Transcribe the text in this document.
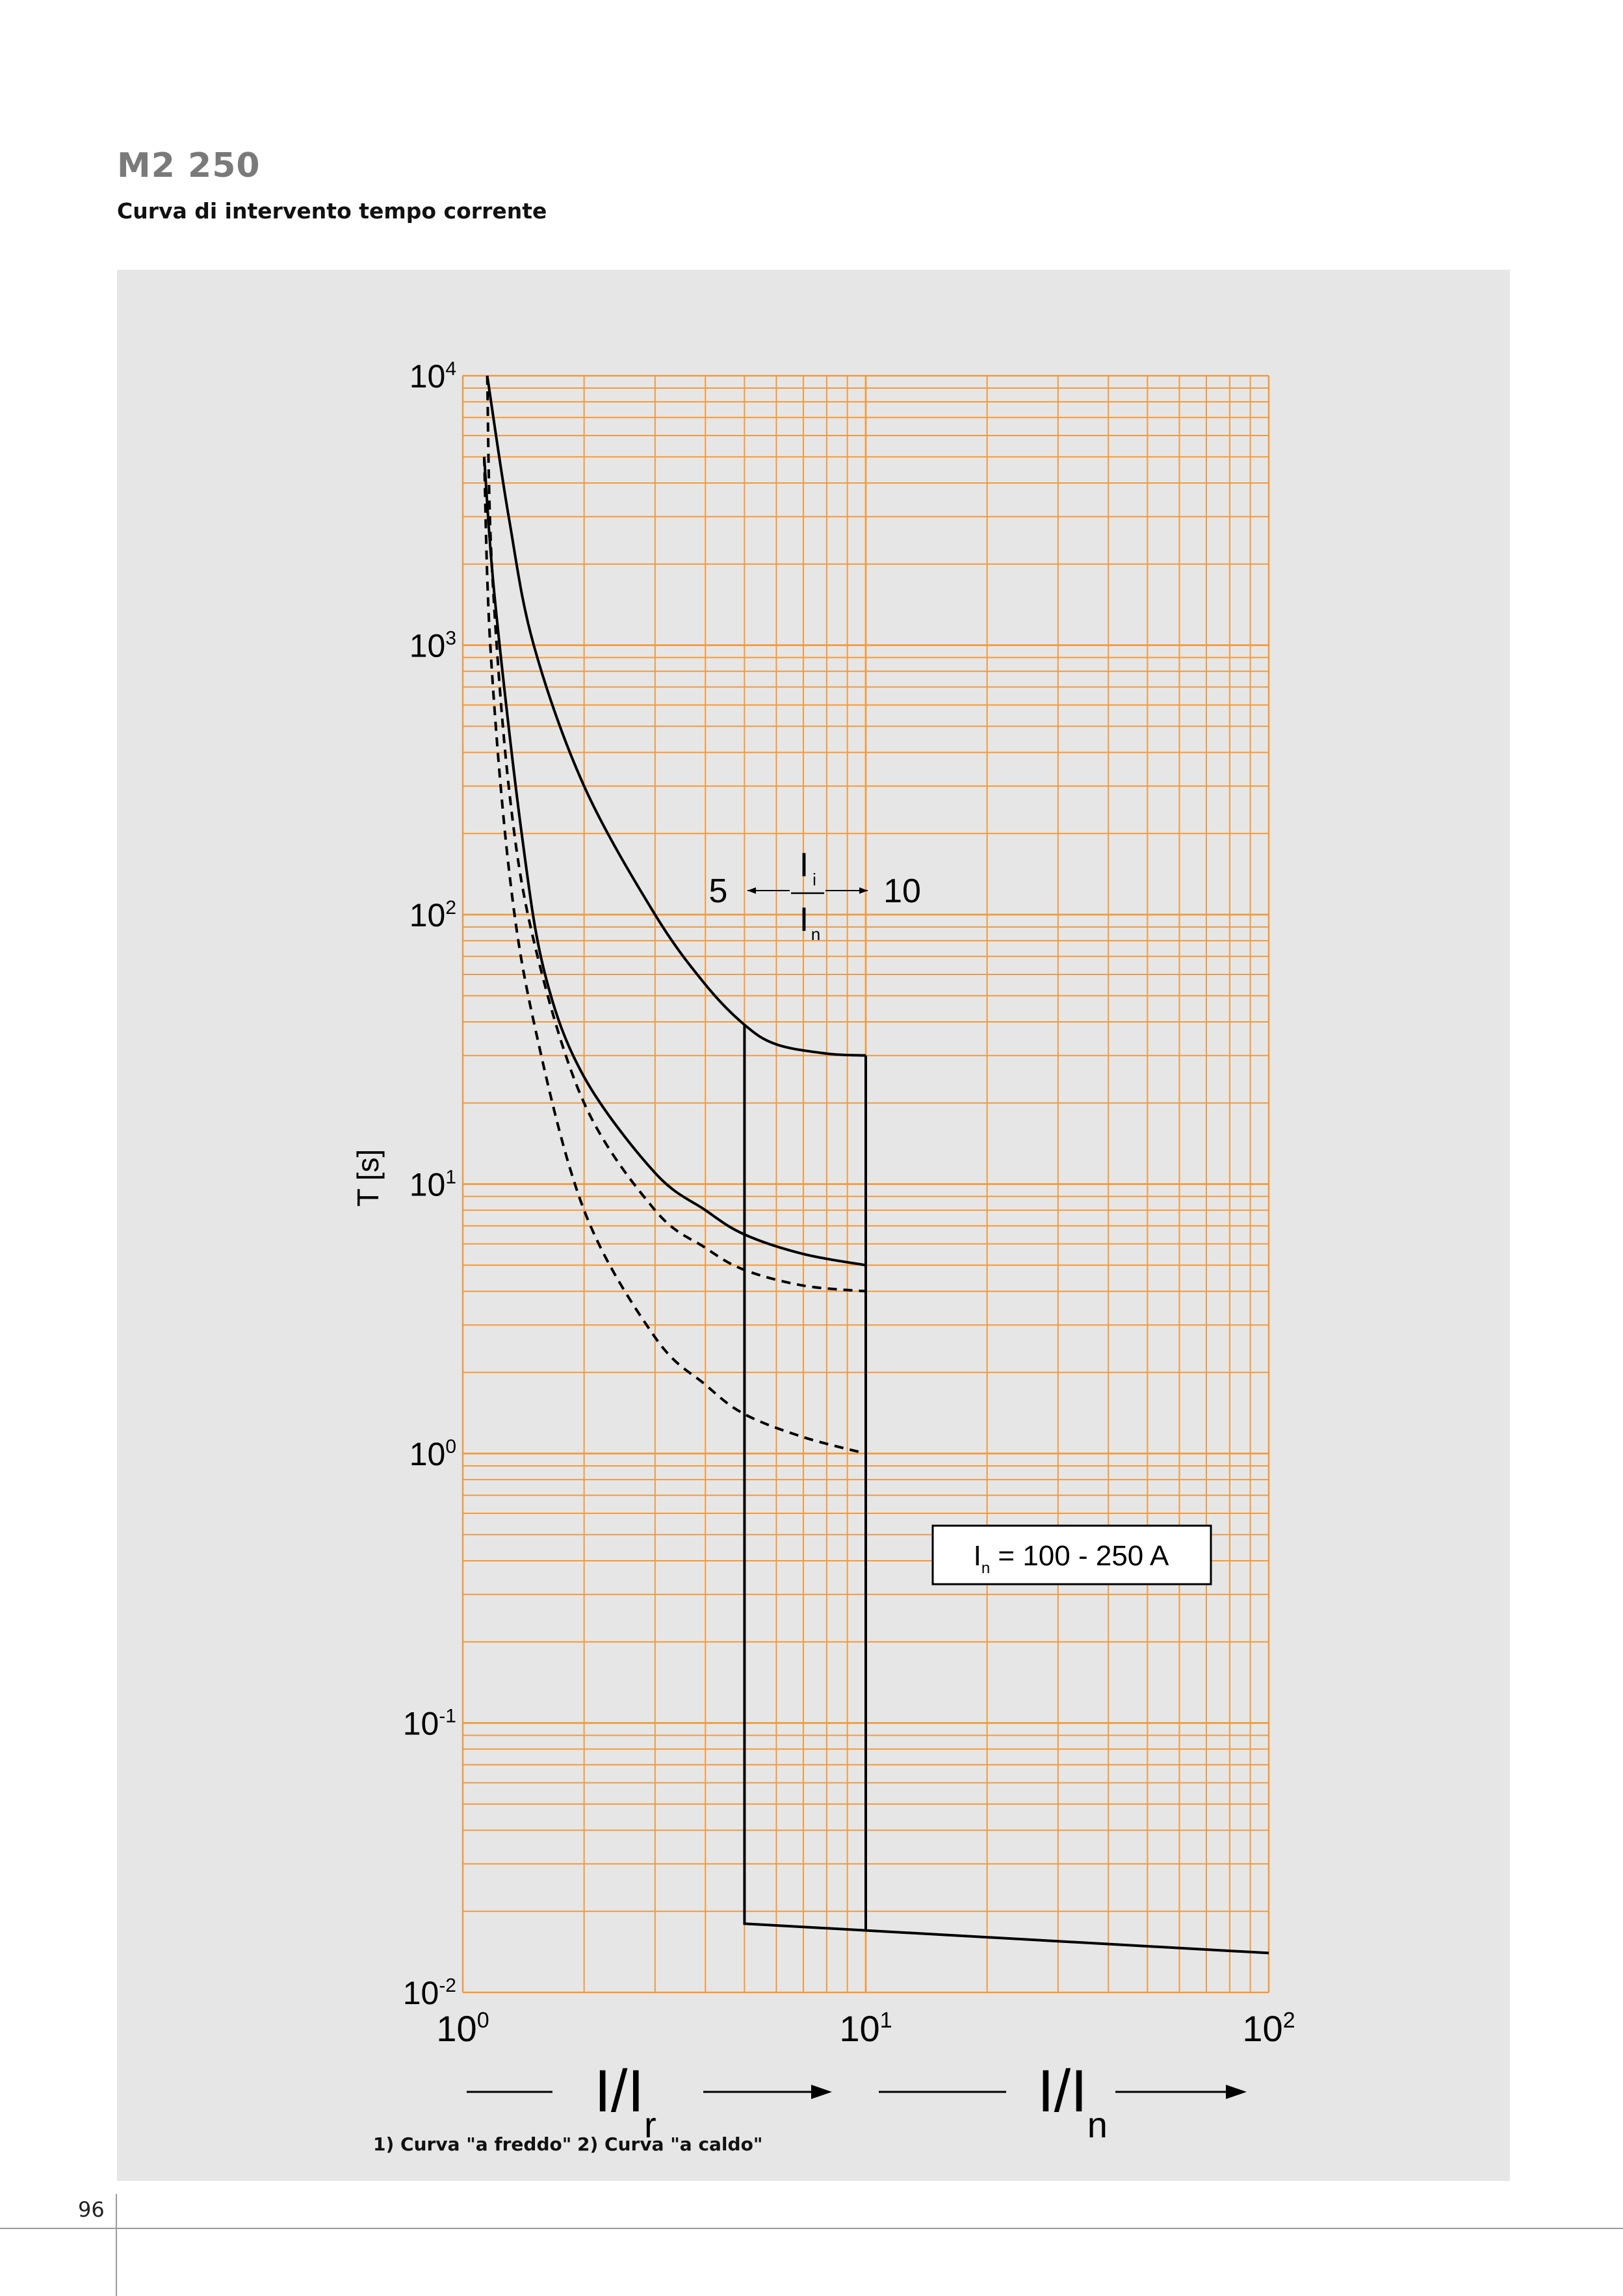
M2 250
Curva di intervento tempo corrente
$10^4$
$10^3$
$10^2$
$10^1$
$10^0$
$10^{-1}$
$10^{-2}$
$10^0$	$10^1$	$10^2$
T [s]
5	10
I i
I n
$I_n = 100 - 250$ A
$I/I_r$
$I/I_n$
1) Curva "a freddo" 2) Curva "a caldo"
96
